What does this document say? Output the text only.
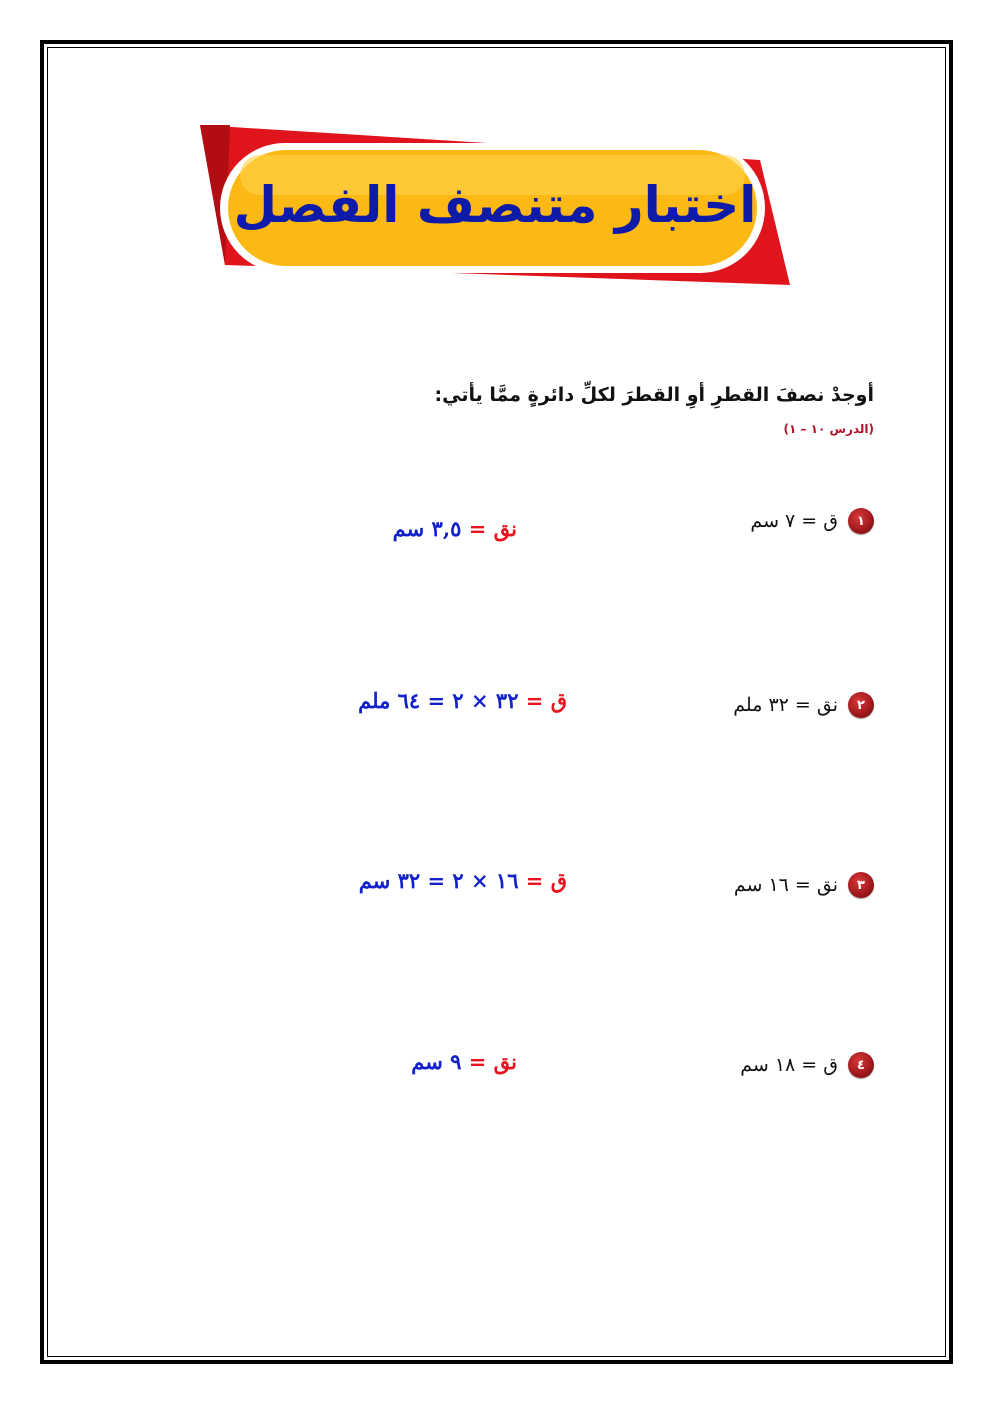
اختبار متنصف الفصل
أوجدْ نصفَ القطرِ أوِ القطرَ لكلِّ دائرةٍ ممَّا يأتي:
(الدرس ١٠ – ١)
١
ق = ٧ سم
نق = ٣,٥ سم
٢
نق = ٣٢ ملم
ق = ٣٢ × ٢ = ٦٤ ملم
٣
نق = ١٦ سم
ق = ١٦ × ٢ = ٣٢ سم
٤
ق = ١٨ سم
نق = ٩ سم
